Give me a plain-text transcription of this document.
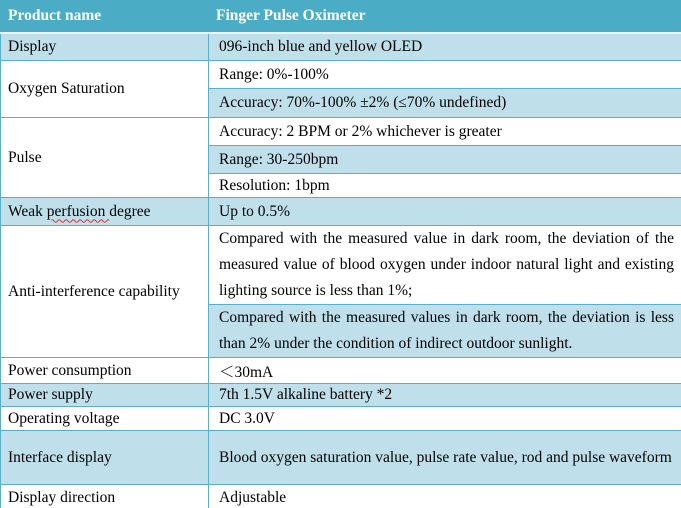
Product name	Finger Pulse Oximeter
Display	096-inch blue and yellow OLED
Oxygen Saturation	Range: 0%-100%
	Accuracy: 70%-100% ±2% (≤70% undefined)
Pulse	Accuracy: 2 BPM or 2% whichever is greater
	Range: 30-250bpm
	Resolution: 1bpm
Weak perfusion degree	Up to 0.5%
Anti-interference capability	Compared with the measured value in dark room, the deviation of the measured value of blood oxygen under indoor natural light and existing lighting source is less than 1%;
	Compared with the measured values in dark room, the deviation is less than 2% under the condition of indirect outdoor sunlight.
Power consumption	＜30mA
Power supply	7th 1.5V alkaline battery *2
Operating voltage	DC 3.0V
Interface display	Blood oxygen saturation value, pulse rate value, rod and pulse waveform
Display direction	Adjustable
